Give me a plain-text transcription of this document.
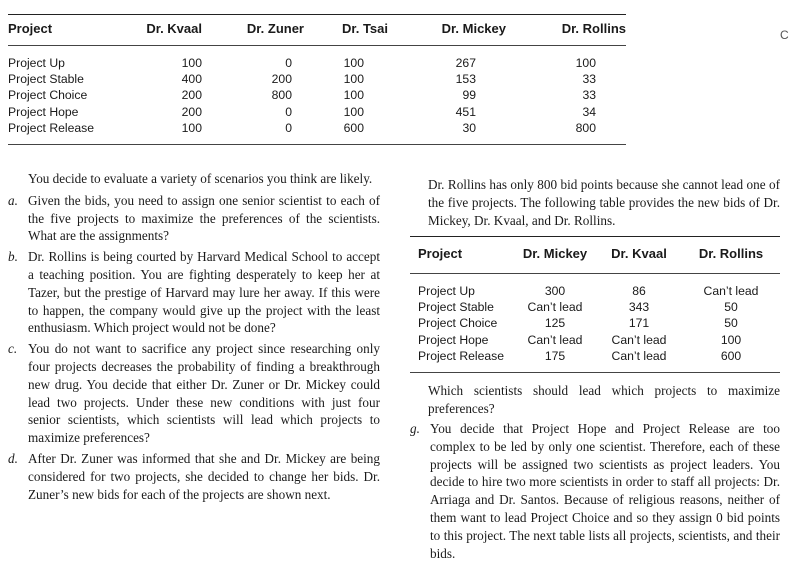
Project	Dr. Kvaal	Dr. Zuner	Dr. Tsai	Dr. Mickey	Dr. Rollins
Project Up	100	0	100	267	100
Project Stable	400	200	100	153	33
Project Choice	200	800	100	99	33
Project Hope	200	0	100	451	34
Project Release	100	0	600	30	800

You decide to evaluate a variety of scenarios you think are likely.

a. Given the bids, you need to assign one senior scientist to each of the five projects to maximize the preferences of the scientists. What are the assignments?
b. Dr. Rollins is being courted by Harvard Medical School to accept a teaching position. You are fighting desperately to keep her at Tazer, but the prestige of Harvard may lure her away. If this were to happen, the company would give up the project with the least enthusiasm. Which project would not be done?
c. You do not want to sacrifice any project since researching only four projects decreases the probability of finding a breakthrough new drug. You decide that either Dr. Zuner or Dr. Mickey could lead two projects. Under these new conditions with just four senior scientists, which scientists will lead which projects to maximize preferences?
d. After Dr. Zuner was informed that she and Dr. Mickey are being considered for two projects, she decided to change her bids. Dr. Zuner’s new bids for each of the projects are shown next.

Dr. Rollins has only 800 bid points because she cannot lead one of the five projects. The following table provides the new bids of Dr. Mickey, Dr. Kvaal, and Dr. Rollins.

Project	Dr. Mickey	Dr. Kvaal	Dr. Rollins
Project Up	300	86	Can’t lead
Project Stable	Can’t lead	343	50
Project Choice	125	171	50
Project Hope	Can’t lead	Can’t lead	100
Project Release	175	Can’t lead	600

Which scientists should lead which projects to maximize preferences?

g. You decide that Project Hope and Project Release are too complex to be led by only one scientist. Therefore, each of these projects will be assigned two scientists as project leaders. You decide to hire two more scientists in order to staff all projects: Dr. Arriaga and Dr. Santos. Because of religious reasons, neither of them want to lead Project Choice and so they assign 0 bid points to this project. The next table lists all projects, scientists, and their bids.
C
